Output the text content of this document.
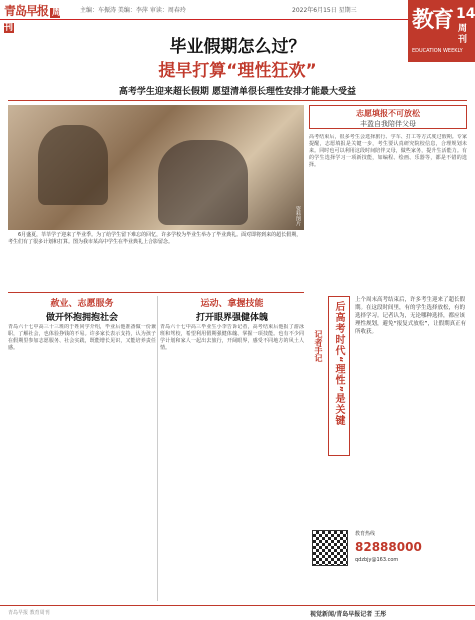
青岛早报 周刊
主编：车振涛 美编：李萍 审读：周春玲	2022年6月15日 星期三	教育 14
周刊
EDUCATION WEEKLY
毕业假期怎么过？
提早打算“理性狂欢”
高考学生迎来超长假期 愿望清单很长理性安排才能最大受益
资料图片
6月盛夏，莘莘学子迎来了毕业季。为了给学生留下难忘的回忆，许多学校为毕业生举办了毕业典礼。面对即将到来的超长假期，考生们有了很多计划和打算。图为我市某高中学生在毕业典礼上合影留念。
志愿填报不可放松
丰盈自我陪伴父母
高考结束后，很多考生会选择旅行、学车、打工等方式度过假期。专家提醒，志愿填报是关键一步，考生要认真研究院校信息，合理规划未来。同时也可以利用这段时间陪伴父母，做些家务，提升生活能力。有的学生选择学习一项新技能，如编程、绘画、乐器等，都是不错的选择。
赦业、志愿服务
做开怀抱拥抱社会
青岛六十七中高三十三班的于姓同学介绍，毕业后他准备做一份兼职，了解社会，也体验挣钱的不易。许多家长表示支持，认为孩子在假期里参加志愿服务、社会实践，既能增长见识，又能培养责任感。
运动、拿握技能
打开眼界强健体魄
青岛六十七中高三毕业生小李告诉记者，高考结束后他报了游泳班和驾校，希望利用假期强健体魄、掌握一项技能。也有不少同学计划和家人一起出去旅行，开阔眼界，感受不同地方的风土人情。	记者手记 后高考时代“理性”是关键
上个周末高考结束后，许多考生迎来了超长假期。在这段时间里，有的学生选择放松，有的选择学习。记者认为，无论哪种选择，都应该理性规划，避免“报复式放松”，让假期真正有所收获。
教育热线
82888000
qdzbjy@163.com
青岛早报 教育周刊	视觉新闻/青岛早报记者 王彤
